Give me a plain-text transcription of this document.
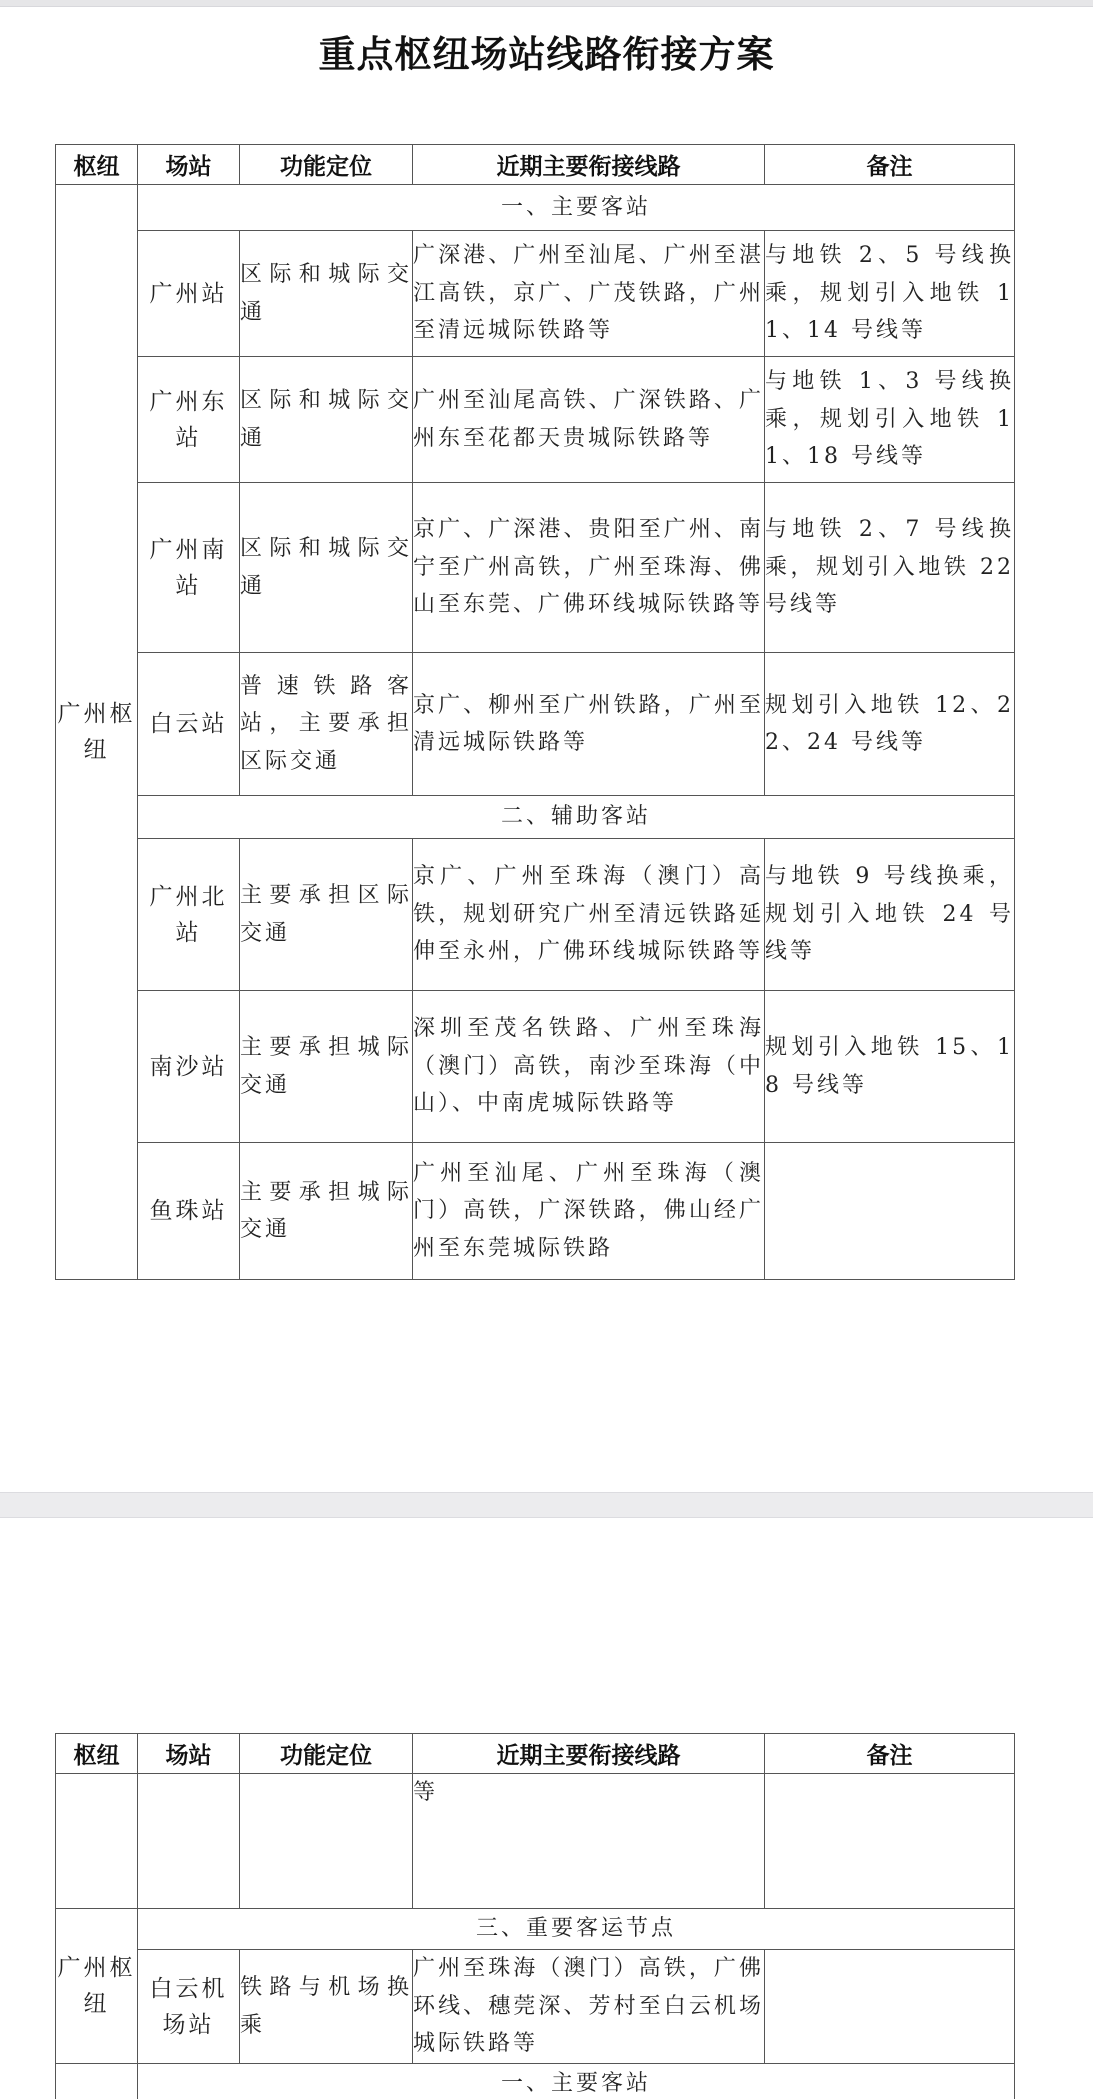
重点枢纽场站线路衔接方案
枢纽	场站	功能定位	近期主要衔接线路	备注
广州枢纽	一、主要客站			
	广州站	区际和城际交通	广深港、广州至汕尾、广州至湛江高铁，京广、广茂铁路，广州至清远城际铁路等	与地铁 2、5 号线换乘，规划引入地铁 11、14 号线等
	广州东站	区际和城际交通	广州至汕尾高铁、广深铁路、广州东至花都天贵城际铁路等	与地铁 1、3 号线换乘，规划引入地铁 11、18 号线等
	广州南站	区际和城际交通	京广、广深港、贵阳至广州、南宁至广州高铁，广州至珠海、佛山至东莞、广佛环线城际铁路等	与地铁 2、7 号线换乘，规划引入地铁 22 号线等
	白云站	普速铁路客站，主要承担区际交通	京广、柳州至广州铁路，广州至清远城际铁路等	规划引入地铁 12、22、24 号线等
	二、辅助客站			
	广州北站	主要承担区际交通	京广、广州至珠海（澳门）高铁，规划研究广州至清远铁路延伸至永州，广佛环线城际铁路等	与地铁 9 号线换乘，规划引入地铁 24 号线等
	南沙站	主要承担城际交通	深圳至茂名铁路、广州至珠海（澳门）高铁，南沙至珠海（中山）、中南虎城际铁路等	规划引入地铁 15、18 号线等
	鱼珠站	主要承担城际交通	广州至汕尾、广州至珠海（澳门）高铁，广深铁路，佛山经广州至东莞城际铁路	
枢纽	场站	功能定位	近期主要衔接线路	备注
			等	
广州枢纽	三、重要客运节点			
	白云机场站	铁路与机场换乘	广州至珠海（澳门）高铁，广佛环线、穗莞深、芳村至白云机场城际铁路等	
	一、主要客站			
